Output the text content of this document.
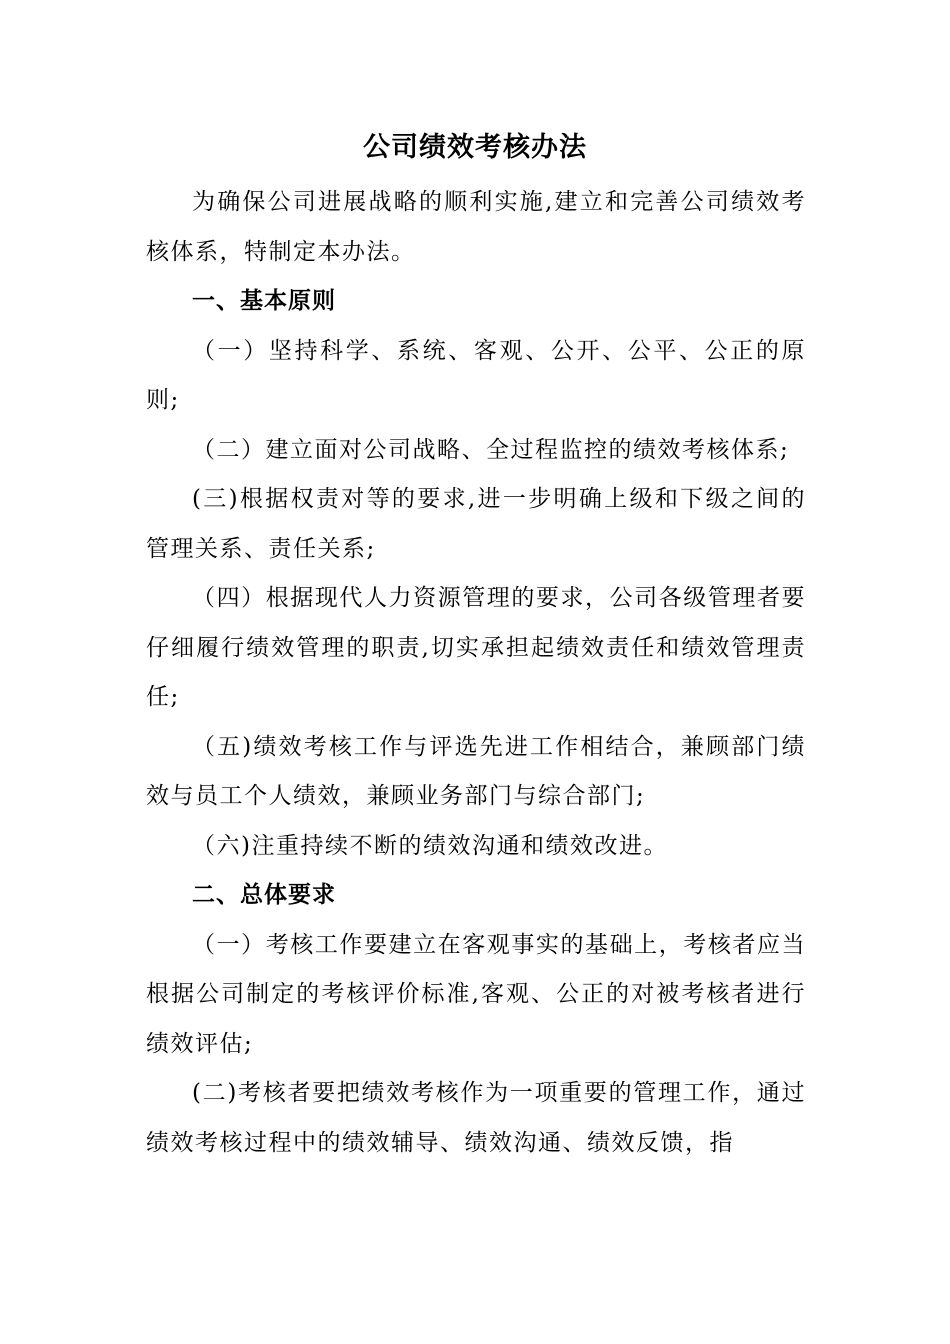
公司绩效考核办法

为确保公司进展战略的顺利实施,建立和完善公司绩效考核体系，特制定本办法。

一、基本原则

（一）坚持科学、系统、客观、公开、公平、公正的原则;

（二）建立面对公司战略、全过程监控的绩效考核体系;

(三)根据权责对等的要求,进一步明确上级和下级之间的管理关系、责任关系;

（四）根据现代人力资源管理的要求，公司各级管理者要仔细履行绩效管理的职责,切实承担起绩效责任和绩效管理责任;

（五)绩效考核工作与评选先进工作相结合，兼顾部门绩效与员工个人绩效，兼顾业务部门与综合部门;

（六)注重持续不断的绩效沟通和绩效改进。

二、总体要求

（一）考核工作要建立在客观事实的基础上，考核者应当根据公司制定的考核评价标准,客观、公正的对被考核者进行绩效评估;

(二)考核者要把绩效考核作为一项重要的管理工作，通过绩效考核过程中的绩效辅导、绩效沟通、绩效反馈，指
